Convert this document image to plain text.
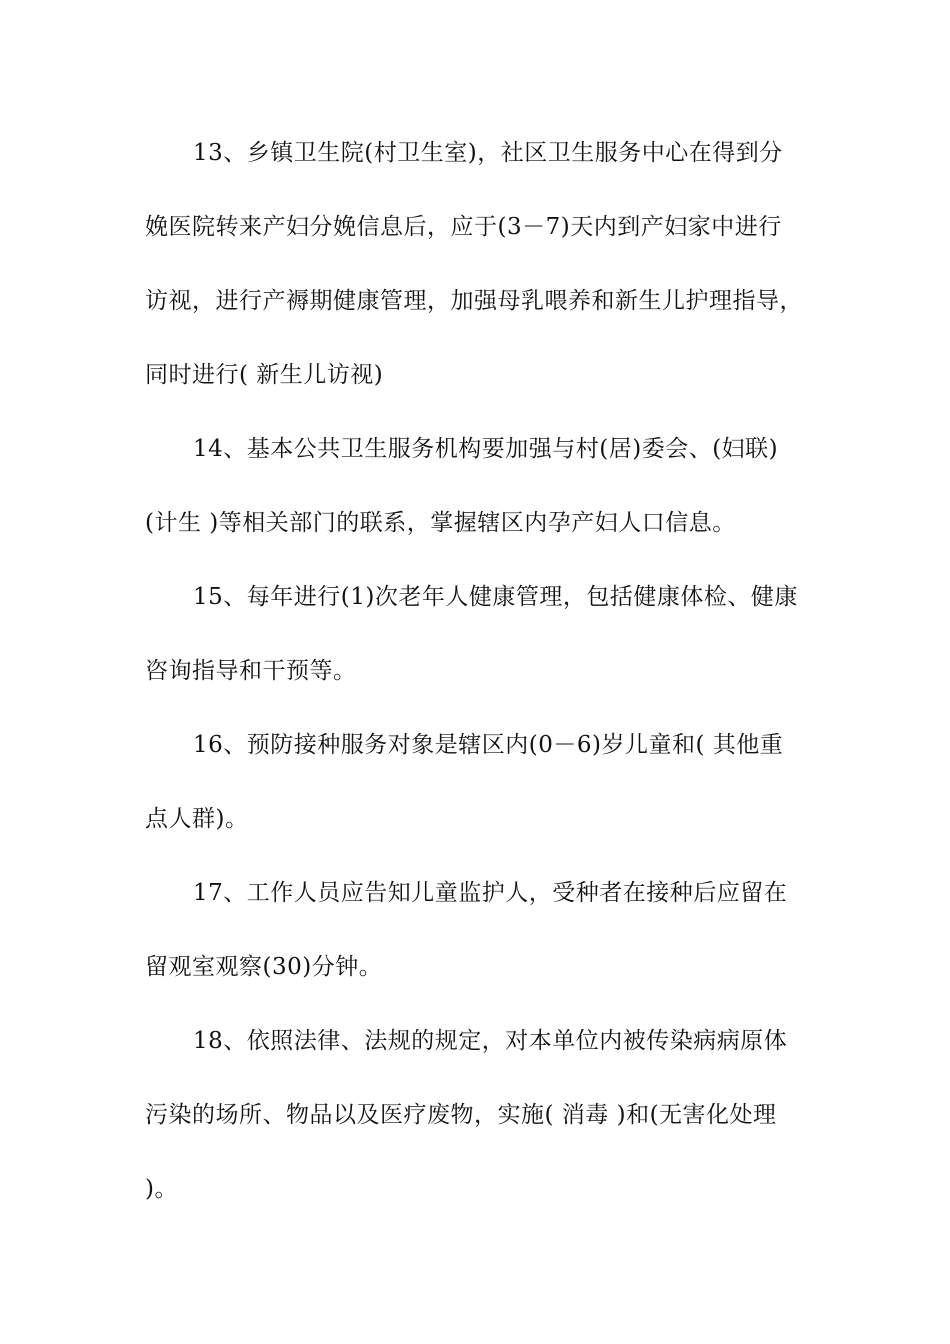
13、乡镇卫生院(村卫生室)，社区卫生服务中心在得到分
娩医院转来产妇分娩信息后，应于(3－7)天内到产妇家中进行
访视，进行产褥期健康管理，加强母乳喂养和新生儿护理指导，
同时进行( 新生儿访视)
14、基本公共卫生服务机构要加强与村(居)委会、(妇联)
(计生 )等相关部门的联系，掌握辖区内孕产妇人口信息。
15、每年进行(1)次老年人健康管理，包括健康体检、健康
咨询指导和干预等。
16、预防接种服务对象是辖区内(0－6)岁儿童和( 其他重
点人群)。
17、工作人员应告知儿童监护人，受种者在接种后应留在
留观室观察(30)分钟。
18、依照法律、法规的规定，对本单位内被传染病病原体
污染的场所、物品以及医疗废物，实施( 消毒 )和(无害化处理
)。
